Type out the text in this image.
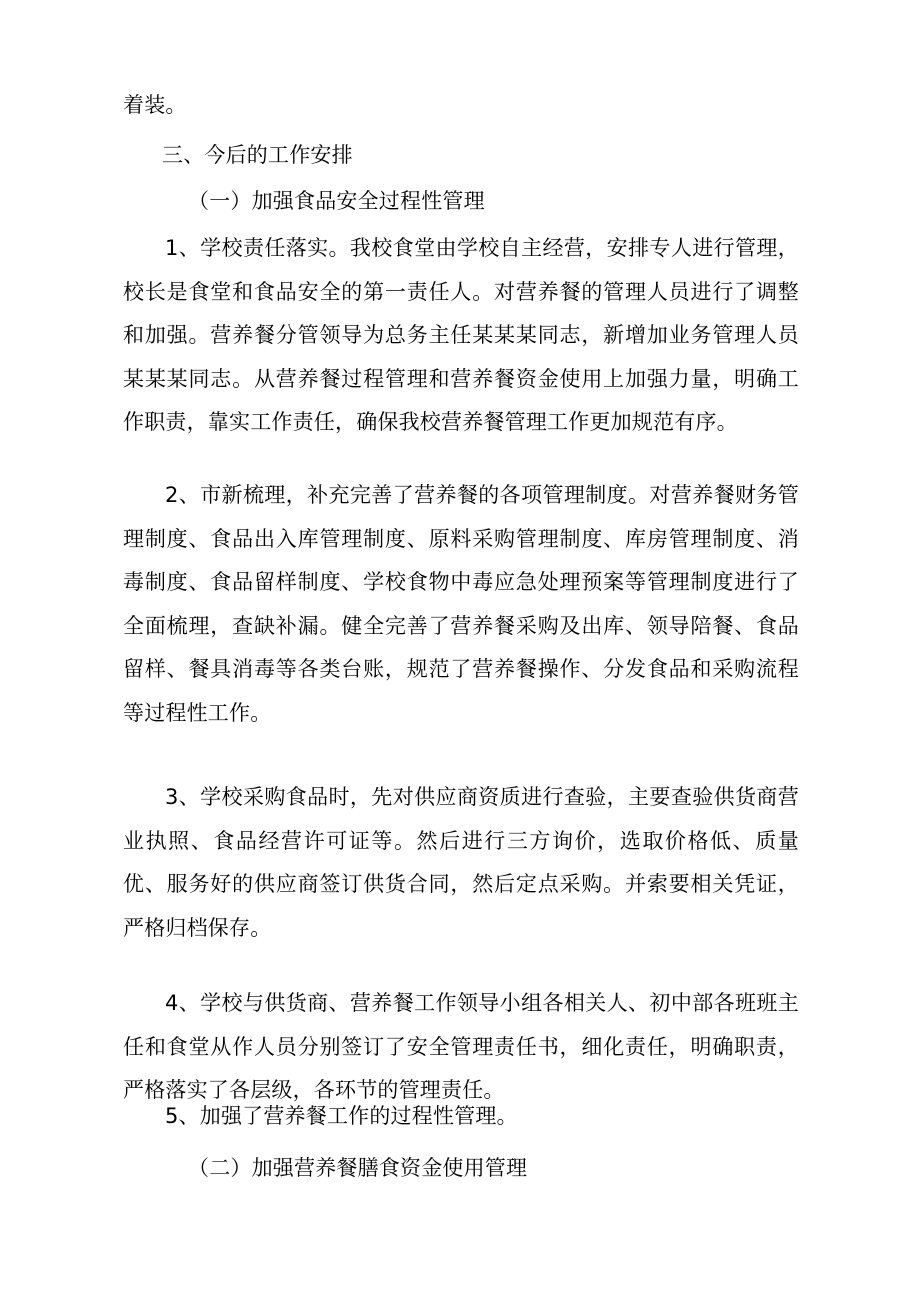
着装。

三、今后的工作安排

（一）加强食品安全过程性管理

1、学校责任落实。我校食堂由学校自主经营，安排专人进行管理，校长是食堂和食品安全的第一责任人。对营养餐的管理人员进行了调整和加强。营养餐分管领导为总务主任某某某同志，新增加业务管理人员某某某同志。从营养餐过程管理和营养餐资金使用上加强力量，明确工作职责，靠实工作责任，确保我校营养餐管理工作更加规范有序。

2、市新梳理，补充完善了营养餐的各项管理制度。对营养餐财务管理制度、食品出入库管理制度、原料采购管理制度、库房管理制度、消毒制度、食品留样制度、学校食物中毒应急处理预案等管理制度进行了全面梳理，查缺补漏。健全完善了营养餐采购及出库、领导陪餐、食品留样、餐具消毒等各类台账，规范了营养餐操作、分发食品和采购流程等过程性工作。

3、学校采购食品时，先对供应商资质进行查验，主要查验供货商营业执照、食品经营许可证等。然后进行三方询价，选取价格低、质量优、服务好的供应商签订供货合同，然后定点采购。并索要相关凭证，严格归档保存。

4、学校与供货商、营养餐工作领导小组各相关人、初中部各班班主任和食堂从作人员分别签订了安全管理责任书，细化责任，明确职责，严格落实了各层级，各环节的管理责任。

5、加强了营养餐工作的过程性管理。

（二）加强营养餐膳食资金使用管理
